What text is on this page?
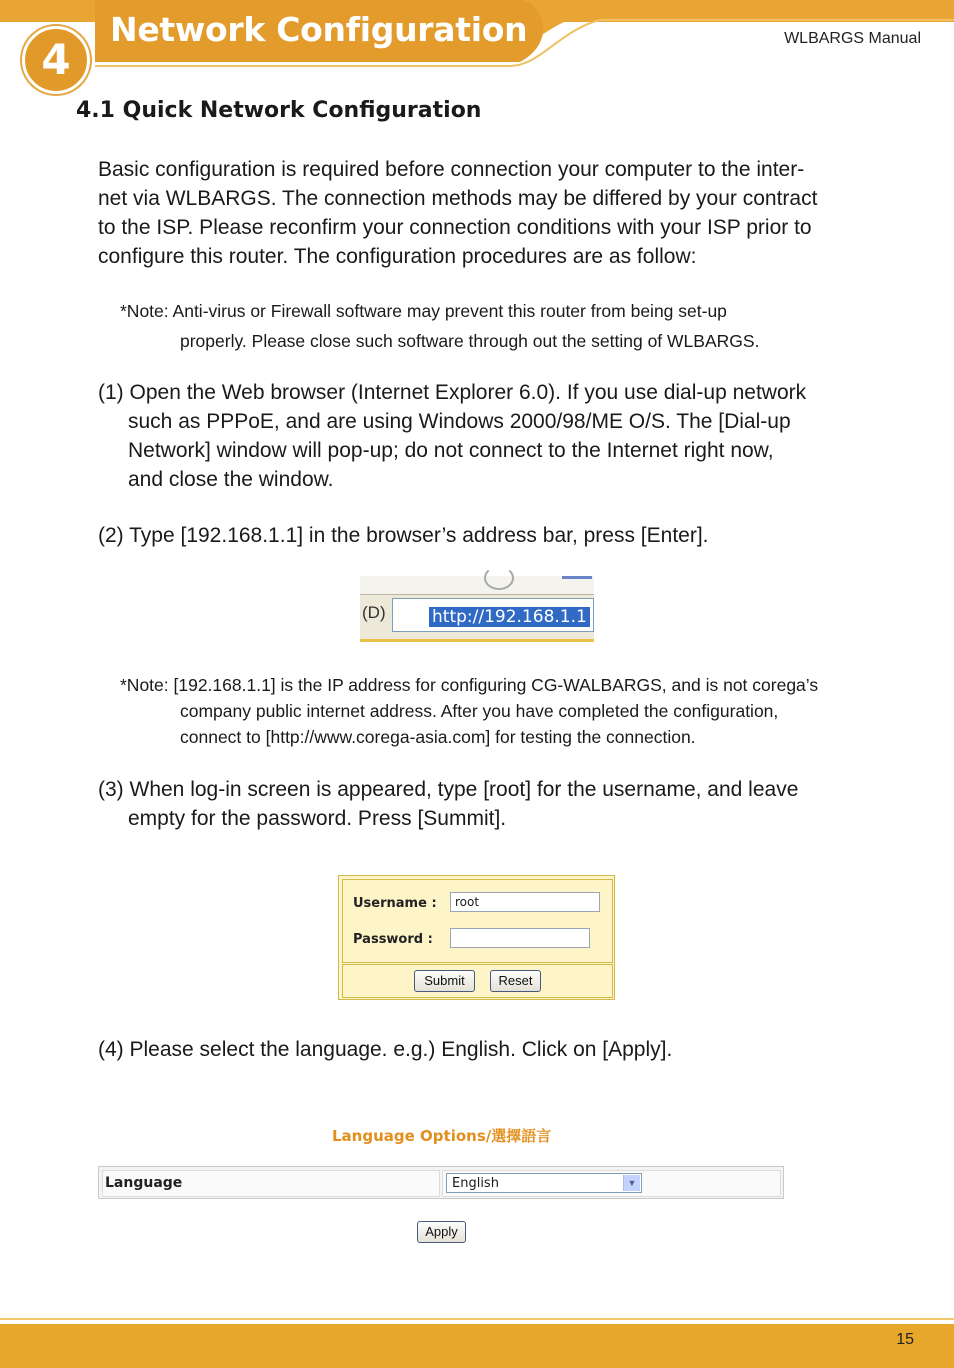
4
Network Configuration	WLBARGS Manual
4.1 Quick Network Configuration

Basic configuration is required before connection your computer to the inter-
net via WLBARGS. The connection methods may be differed by your contract
to the ISP. Please reconfirm your connection conditions with your ISP prior to
configure this router. The configuration procedures are as follow:

*Note: Anti-virus or Firewall software may prevent this router from being set-up
properly. Please close such software through out the setting of WLBARGS.

(1) Open the Web browser (Internet Explorer 6.0). If you use dial-up network
such as PPPoE, and are using Windows 2000/98/ME O/S. The [Dial-up
Network] window will pop-up; do not connect to the Internet right now,
and close the window.

(2) Type [192.168.1.1] in the browser’s address bar, press [Enter].

(D)	http://192.168.1.1

*Note: [192.168.1.1] is the IP address for configuring CG-WALBARGS, and is not corega’s
company public internet address. After you have completed the configuration,
connect to [http://www.corega-asia.com] for testing the connection.

(3) When log-in screen is appeared, type [root] for the username, and leave
empty for the password. Press [Summit].

Username :	root
Password :
Submit	Reset

(4) Please select the language. e.g.) English. Click on [Apply].

Language Options/選擇語言
Language	English	▼
Apply
15
